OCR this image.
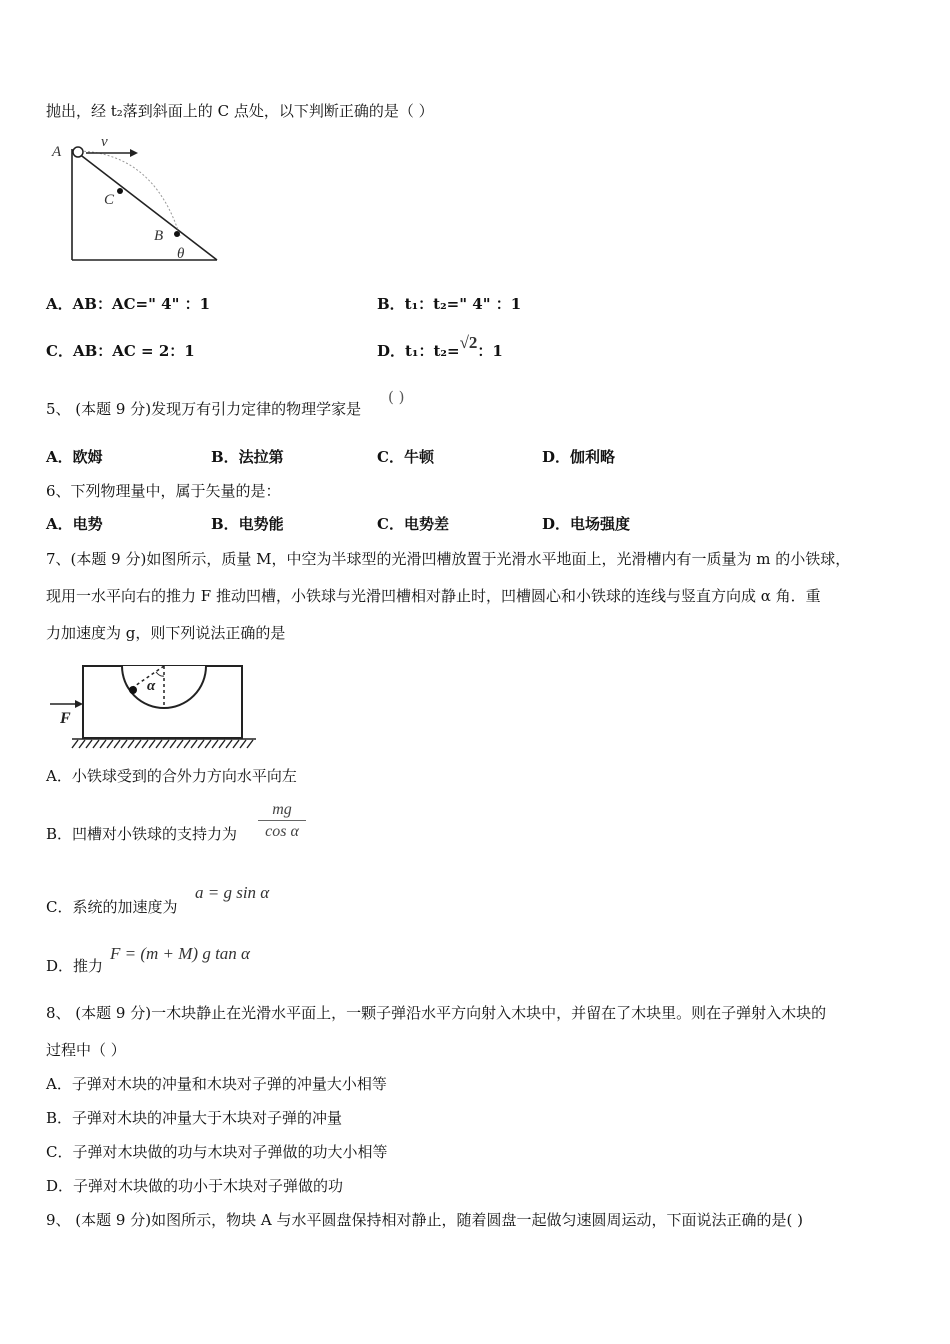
抛出，经 t₂落到斜面上的 C 点处，以下判断正确的是（ ）
A
v
C
B
θ
A．AB：AC=" 4" ：1	B．t₁：t₂=" 4" ：1
C．AB：AC = 2：1	D．t₁：t₂=√2：1
5、 (本题 9 分)发现万有引力定律的物理学家是
( )
A．欧姆	B．法拉第	C．牛顿	D．伽利略
6、下列物理量中，属于矢量的是：
A．电势	B．电势能	C．电势差	D．电场强度
7、(本题 9 分)如图所示，质量 M，中空为半球型的光滑凹槽放置于光滑水平地面上，光滑槽内有一质量为 m 的小铁球，
现用一水平向右的推力 F 推动凹槽，小铁球与光滑凹槽相对静止时，凹槽圆心和小铁球的连线与竖直方向成 α 角．重
力加速度为 g，则下列说法正确的是
α
F
A．小铁球受到的合外力方向水平向左
B．凹槽对小铁球的支持力为 $\frac{mg}{\text{cos α}}$
C．系统的加速度为
a = g sin α
D．推力
F = (m + M) g tan α
8、 (本题 9 分)一木块静止在光滑水平面上，一颗子弹沿水平方向射入木块中，并留在了木块里。则在子弹射入木块的
过程中（ ）
A．子弹对木块的冲量和木块对子弹的冲量大小相等
B．子弹对木块的冲量大于木块对子弹的冲量
C．子弹对木块做的功与木块对子弹做的功大小相等
D．子弹对木块做的功小于木块对子弹做的功
9、 (本题 9 分)如图所示，物块 A 与水平圆盘保持相对静止，随着圆盘一起做匀速圆周运动，下面说法正确的是( )
